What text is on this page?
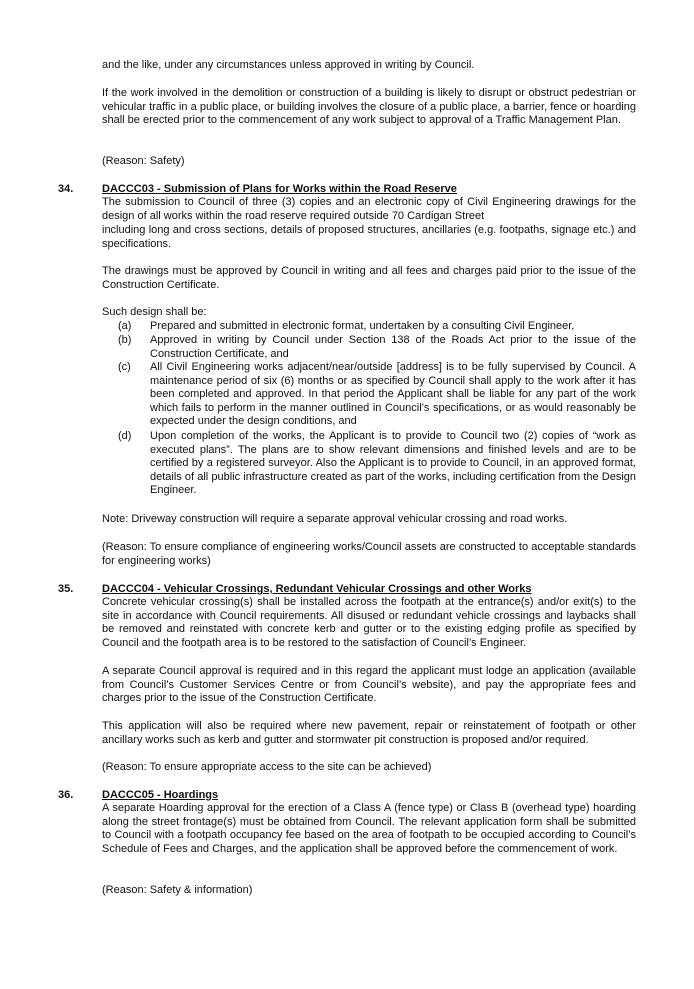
and the like, under any circumstances unless approved in writing by Council.

If the work involved in the demolition or construction of a building is likely to disrupt or obstruct pedestrian or vehicular traffic in a public place, or building involves the closure of a public place, a barrier, fence or hoarding shall be erected prior to the commencement of any work subject to approval of a Traffic Management Plan.

(Reason: Safety)

34.	DACCC03 - Submission of Plans for Works within the Road Reserve

The submission to Council of three (3) copies and an electronic copy of Civil Engineering drawings for the design of all works within the road reserve required outside 70 Cardigan Street

including long and cross sections, details of proposed structures, ancillaries (e.g. footpaths, signage etc.) and specifications.

The drawings must be approved by Council in writing and all fees and charges paid prior to the issue of the Construction Certificate.

Such design shall be:

(a) Prepared and submitted in electronic format, undertaken by a consulting Civil Engineer,
(b) Approved in writing by Council under Section 138 of the Roads Act prior to the issue of the Construction Certificate, and
(c) All Civil Engineering works adjacent/near/outside [address] is to be fully supervised by Council. A maintenance period of six (6) months or as specified by Council shall apply to the work after it has been completed and approved. In that period the Applicant shall be liable for any part of the work which fails to perform in the manner outlined in Council’s specifications, or as would reasonably be expected under the design conditions, and
(d) Upon completion of the works, the Applicant is to provide to Council two (2) copies of “work as executed plans”. The plans are to show relevant dimensions and finished levels and are to be certified by a registered surveyor. Also the Applicant is to provide to Council, in an approved format, details of all public infrastructure created as part of the works, including certification from the Design Engineer.

Note: Driveway construction will require a separate approval vehicular crossing and road works.

(Reason: To ensure compliance of engineering works/Council assets are constructed to acceptable standards for engineering works)

35.	DACCC04 - Vehicular Crossings, Redundant Vehicular Crossings and other Works

Concrete vehicular crossing(s) shall be installed across the footpath at the entrance(s) and/or exit(s) to the site in accordance with Council requirements. All disused or redundant vehicle crossings and laybacks shall be removed and reinstated with concrete kerb and gutter or to the existing edging profile as specified by Council and the footpath area is to be restored to the satisfaction of Council’s Engineer.

A separate Council approval is required and in this regard the applicant must lodge an application (available from Council’s Customer Services Centre or from Council’s website), and pay the appropriate fees and charges prior to the issue of the Construction Certificate.

This application will also be required where new pavement, repair or reinstatement of footpath or other ancillary works such as kerb and gutter and stormwater pit construction is proposed and/or required.

(Reason: To ensure appropriate access to the site can be achieved)

36.	DACCC05 - Hoardings

A separate Hoarding approval for the erection of a Class A (fence type) or Class B (overhead type) hoarding along the street frontage(s) must be obtained from Council. The relevant application form shall be submitted to Council with a footpath occupancy fee based on the area of footpath to be occupied according to Council’s Schedule of Fees and Charges, and the application shall be approved before the commencement of work.

(Reason: Safety & information)
